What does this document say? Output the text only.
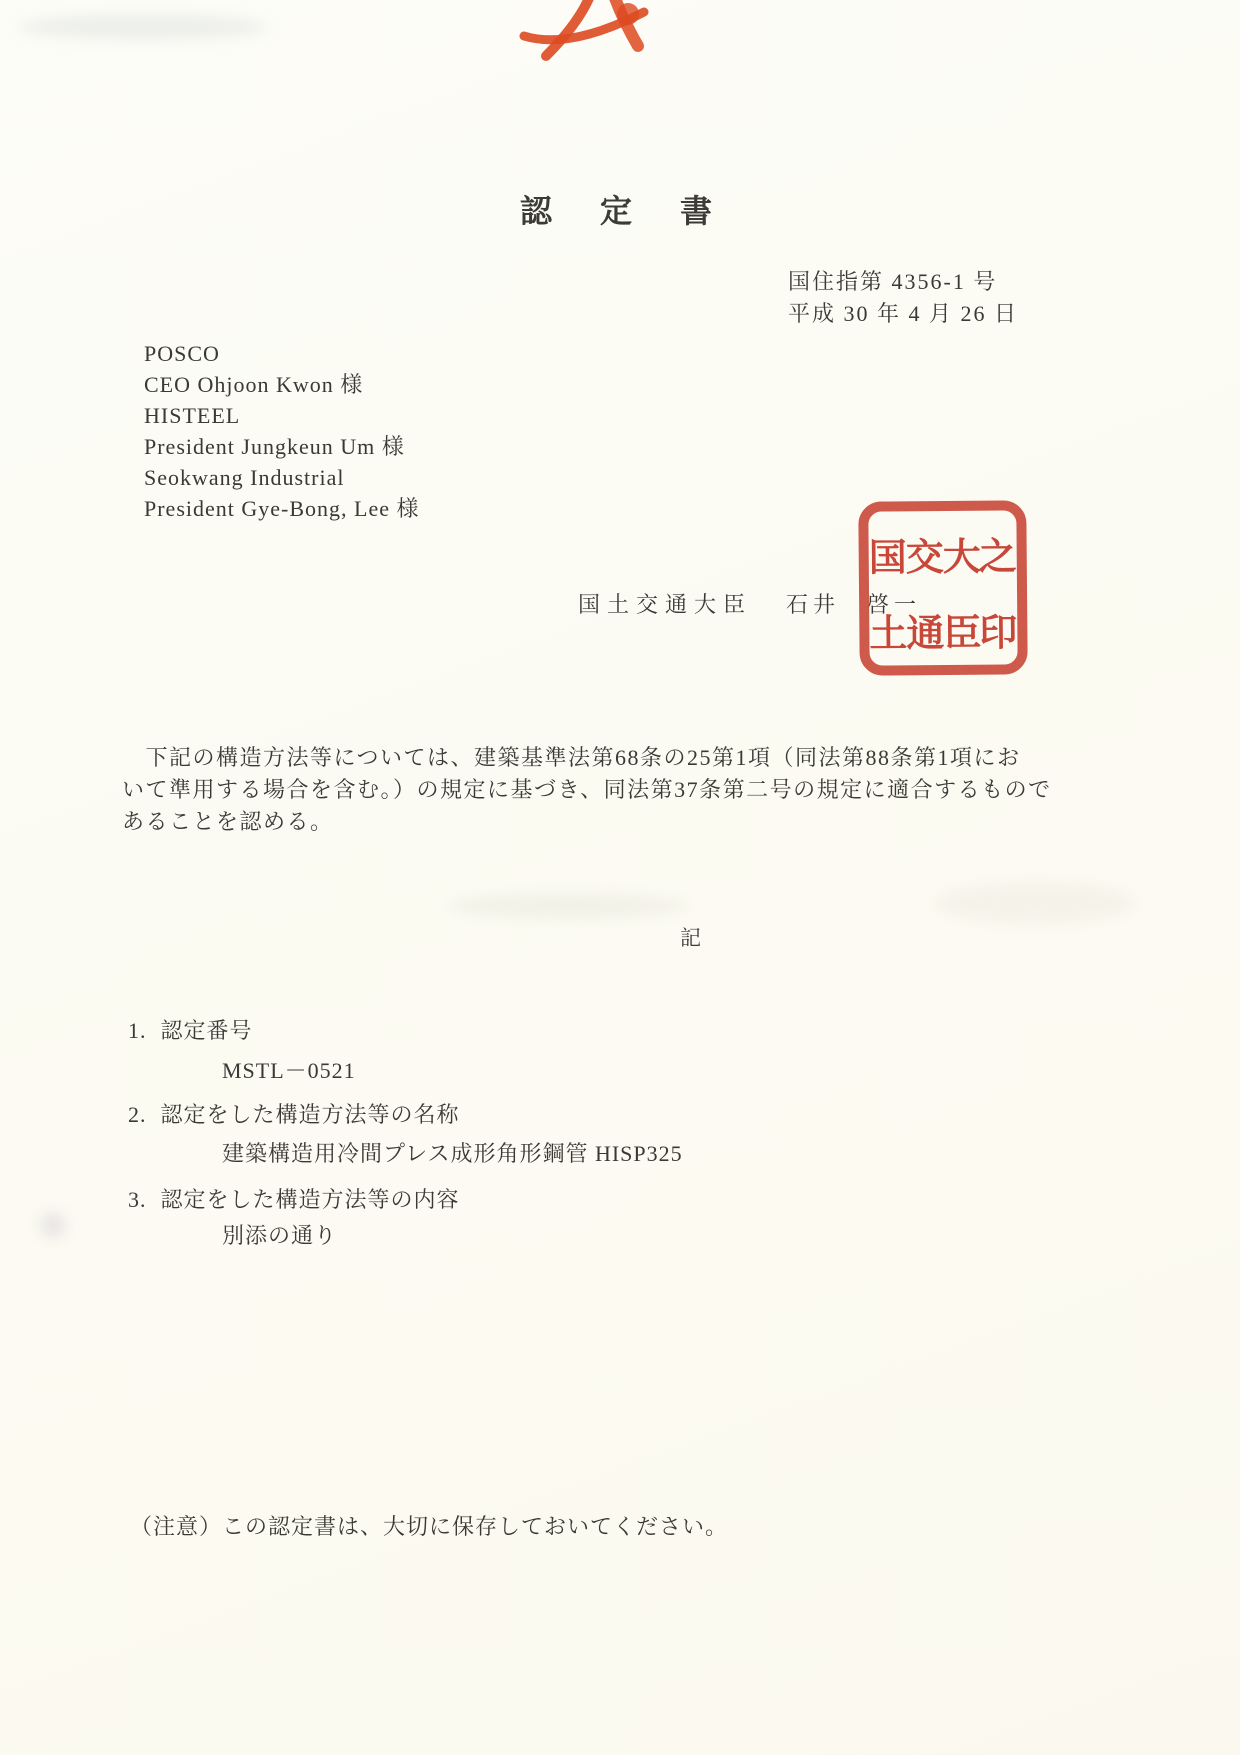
認　定　書
国住指第 4356-1 号
平成 30 年 4 月 26 日
POSCO
CEO Ohjoon Kwon 様
HISTEEL
President Jungkeun Um 様
Seokwang Industrial
President Gye-Bong, Lee 様
国土交通大臣 石井　啓一
国
土
交
通
大
臣
之
印
　下記の構造方法等については、建築基準法第68条の25第1項（同法第88条第1項にお
いて準用する場合を含む。）の規定に基づき、同法第37条第二号の規定に適合するもので
あることを認める。
記
1. 認定番号
MSTL－0521
2. 認定をした構造方法等の名称
建築構造用冷間プレス成形角形鋼管 HISP325
3. 認定をした構造方法等の内容
別添の通り
（注意）この認定書は、大切に保存しておいてください。
